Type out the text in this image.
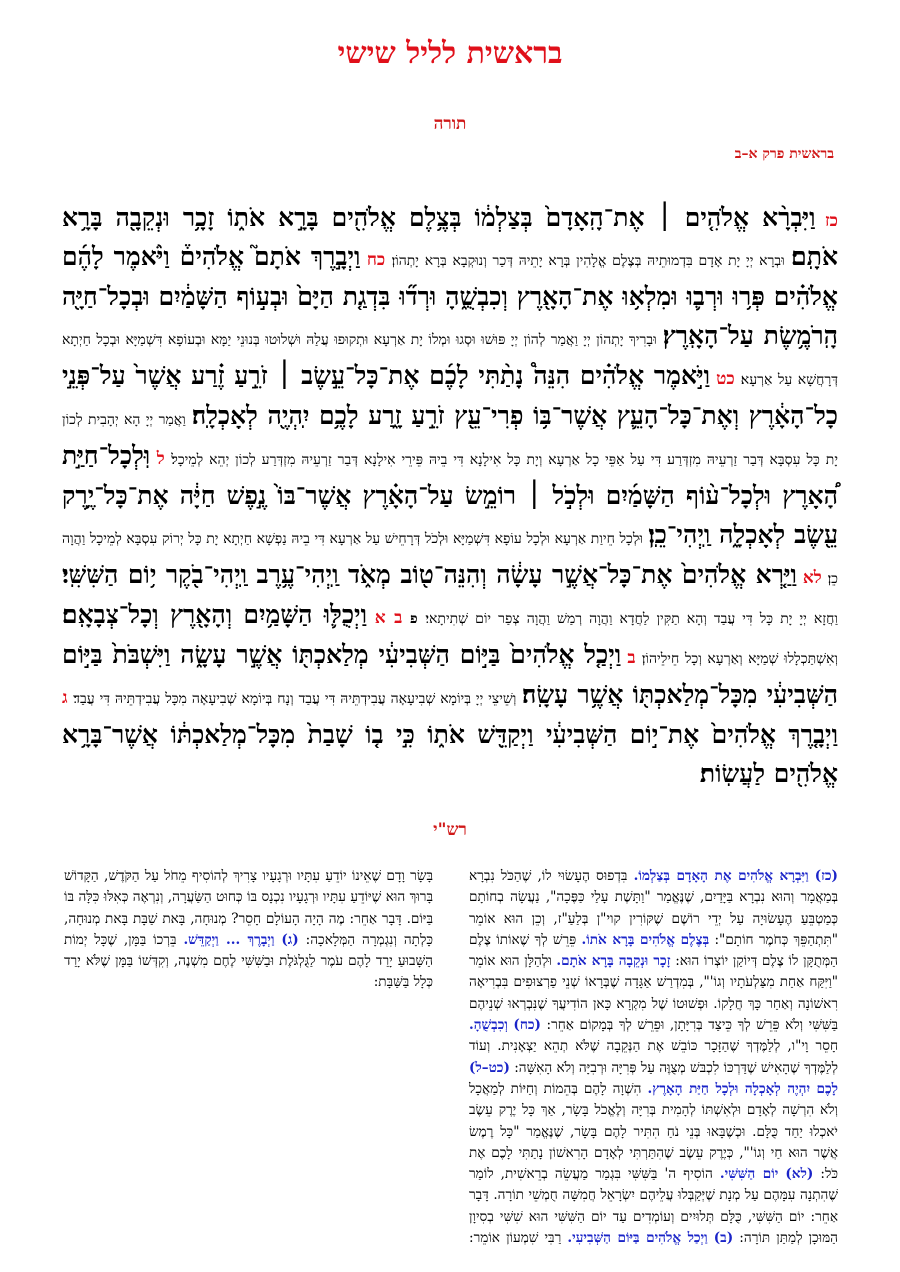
בראשית לליל שישי
תורה
בראשית פרק א–ב
כז וַיִּבְרָ֨א אֱלֹהִ֤ים ׀ אֶת־הָֽאָדָם֙ בְּצַלְמ֔וֹ בְּצֶ֥לֶם אֱלֹהִ֖ים בָּרָ֣א אֹת֑וֹ זָכָ֥ר וּנְקֵבָ֖ה בָּרָ֥א אֹתָֽם׃ וּבְרָא יְיָ יָת אָדָם בִּדְמוּתֵיהּ בְּצֶלֶם אֱלָהִין בְּרָא יָתֵיהּ דְּכַר וְנוּקְבָא בְּרָא יָתְהוֹן׃ כח וַיְבָ֣רֶךְ אֹתָם֮ אֱלֹהִים֒ וַיֹּ֨אמֶר לָהֶ֜ם אֱלֹהִ֗ים פְּר֥וּ וּרְב֛וּ וּמִלְא֥וּ אֶת־הָאָ֖רֶץ וְכִבְשֻׁ֑הָ וּרְד֞וּ בִּדְגַ֤ת הַיָּם֙ וּבְע֣וֹף הַשָּׁמַ֔יִם וּבְכָל־חַיָּ֖ה הָֽרֹמֶ֥שֶׂת עַל־הָאָֽרֶץ׃ וּבָרִיךְ יָתְהוֹן יְיָ וַאֲמַר לְהוֹן יְיָ פּוּשׁוּ וּסְגוּ וּמְלוֹ יָת אַרְעָא וּתְקוּפוּ עֲלַהּ וּשְׁלוּטוּ בְּנוּנֵי יַמָּא וּבְעוֹפָא דִּשְׁמַיָּא וּבְכָל חַיְתָא דְּרָחֲשָׁא עַל אַרְעָא׃ כט וַיֹּ֣אמֶר אֱלֹהִ֗ים הִנֵּה֩ נָתַ֨תִּי לָכֶ֜ם אֶת־כָּל־עֵ֣שֶׂב ׀ זֹרֵ֣עַ זֶ֗רַע אֲשֶׁר֙ עַל־פְּנֵ֣י כָל־הָאָ֔רֶץ וְאֶת־כָּל־הָעֵ֛ץ אֲשֶׁר־בּ֥וֹ פְרִי־עֵ֖ץ זֹרֵ֣עַ זָ֑רַע לָכֶ֥ם יִֽהְיֶ֖ה לְאָכְלָֽה׃ וַאֲמַר יְיָ הָא יְהָבִית לְכוֹן יָת כָּל עִסְבָּא דְּבַר זַרְעֵיהּ מִזְדְּרַע דִּי עַל אַפֵּי כָל אַרְעָא וְיָת כָּל אִילָנָא דִּי בֵיהּ פֵּירֵי אִילָנָא דְּבַר זַרְעֵיהּ מִזְדְּרַע לְכוֹן יְהֵא לְמֵיכָל׃ ל וּֽלְכָל־חַיַּ֣ת הָ֠אָרֶץ וּלְכָל־ע֨וֹף הַשָּׁמַ֜יִם וּלְכֹ֣ל ׀ רוֹמֵ֣שׂ עַל־הָאָ֗רֶץ אֲשֶׁר־בּוֹ֙ נֶ֣פֶשׁ חַיָּ֔ה אֶת־כָּל־יֶ֥רֶק עֵ֖שֶׂב לְאָכְלָ֑ה וַֽיְהִי־כֵֽן׃ וּלְכָל חֵיוַת אַרְעָא וּלְכָל עוֹפָא דִּשְׁמַיָּא וּלְכֹל דְּרָחֵישׁ עַל אַרְעָא דִּי בֵיהּ נַפְשָׁא חַיְתָא יָת כָּל יְרוֹק עִסְבָּא לְמֵיכָל וַהֲוָה כֵן׃ לא וַיַּ֤רְא אֱלֹהִים֙ אֶת־כָּל־אֲשֶׁ֣ר עָשָׂ֔ה וְהִנֵּה־ט֖וֹב מְאֹ֑ד וַֽיְהִי־עֶ֥רֶב וַֽיְהִי־בֹ֖קֶר י֥וֹם הַשִּׁשִּֽׁי׃ וַחֲזָא יְיָ יָת כָּל דִּי עֲבַד וְהָא תַקִּין לַחֲדָא וַהֲוָה רְמַשׁ וַהֲוָה צְפַר יוֹם שְׁתִיתָאי׃ פ ב א וַיְכֻלּ֛וּ הַשָּׁמַ֥יִם וְהָאָ֖רֶץ וְכָל־צְבָאָֽם׃ וְאִשְׁתַּכְלָלוּ שְׁמַיָּא וְאַרְעָא וְכָל חֵילֵיהוֹן׃ ב וַיְכַ֤ל אֱלֹהִים֙ בַּיּ֣וֹם הַשְּׁבִיעִ֔י מְלַאכְתּ֖וֹ אֲשֶׁ֣ר עָשָׂ֑ה וַיִּשְׁבֹּת֙ בַּיּ֣וֹם הַשְּׁבִיעִ֔י מִכָּל־מְלַאכְתּ֖וֹ אֲשֶׁ֥ר עָשָֽׂה׃ וְשֵׁיצֵי יְיָ בְּיוֹמָא שְׁבִיעָאָה עֲבִידְתֵּיהּ דִּי עֲבַד וְנָח בְּיוֹמָא שְׁבִיעָאָה מִכָּל עֲבִידְתֵּיהּ דִּי עֲבַד׃ ג וַיְבָ֤רֶךְ אֱלֹהִים֙ אֶת־י֣וֹם הַשְּׁבִיעִ֔י וַיְקַדֵּ֖שׁ אֹת֑וֹ כִּ֣י ב֤וֹ שָׁבַת֙ מִכָּל־מְלַאכְתּ֔וֹ אֲשֶׁר־בָּרָ֥א אֱלֹהִ֖ים לַעֲשֽׂוֹת׃
רש"י

(כז) וַיִּבְרָא אֱלֹהִים אֶת הָאָדָם בְּצַלְמוֹ. בִּדְפוּס הֶעָשׂוּי לוֹ, שֶׁהַכֹּל נִבְרָא בְּמַאֲמָר וְהוּא נִבְרָא בַּיָּדַיִם, שֶׁנֶּאֱמַר "וַתָּשֶׁת עָלַי כַּפֶּכָה", נַעֲשָׂה בְחוֹתָם כְּמַטְבֵּעַ הֶעָשׂוּיָה עַל יְדֵי רוֹשֶׁם שֶׁקּוֹרִין קוי"ן בְּלַעַ"ז, וְכֵן הוּא אוֹמֵר "תִּתְהַפֵּךְ כְּחֹמֶר חוֹתָם":

בְּצֶלֶם אֱלֹהִים בָּרָא אֹתוֹ. פֵּרֵשׁ לְךָ שֶׁאוֹתוֹ צֶלֶם הַמְּתֻקָּן לוֹ צֶלֶם דְּיוֹקַן יוֹצְרוֹ הוּא:

זָכָר וּנְקֵבָה בָּרָא אֹתָם. וּלְהַלָּן הוּא אוֹמֵר "וַיִּקַּח אַחַת מִצַּלְעֹתָיו וְגוֹ'", בְּמִדְרַשׁ אַגָּדָה שֶׁבְּרָאוֹ שְׁנֵי פַרְצוּפִים בִּבְרִיאָה רִאשׁוֹנָה וְאַחַר כָּךְ חֲלָקוֹ. וּפְשׁוּטוֹ שֶׁל מִקְרָא כָּאן הוֹדִיעֲךָ שֶׁנִּבְרְאוּ שְׁנֵיהֶם בַּשִּׁשִּׁי וְלֹא פֵּרֵשׁ לְךָ כֵּיצַד בְּרִיָּתָן, וּפֵרֵשׁ לְךָ בְּמָקוֹם אַחֵר:

(כח) וְכִבְשֻׁהָ. חָסֵר וָי"ו, לְלַמֶּדְךָ שֶׁהַזָּכָר כּוֹבֵשׁ אֶת הַנְּקֵבָה שֶׁלֹּא תְהֵא יַצְאָנִית. וְעוֹד לְלַמֶּדְךָ שֶׁהָאִישׁ שֶׁדַּרְכּוֹ לִכְבּשׁ מְצֻוֶּה עַל פְּרִיָּה וּרְבִיָּה וְלֹא הָאִשָּׁה:

(כט–ל) לָכֶם יִהְיֶה לְאָכְלָה וּלְכָל חַיַּת הָאָרֶץ. הִשְׁוָה לָהֶם בְּהֵמוֹת וְחַיּוֹת לְמַאֲכָל וְלֹא הִרְשָׁה לְאָדָם וּלְאִשְׁתּוֹ לְהָמִית בְּרִיָּה וְלֶאֱכֹל בָּשָׂר, אַךְ כָּל יֶרֶק עֵשֶׂב יֹאכְלוּ יַחַד כֻּלָּם. וּכְשֶׁבָּאוּ בְּנֵי נֹחַ הִתִּיר לָהֶם בָּשָׂר, שֶׁנֶּאֱמַר "כָּל רֶמֶשׂ אֲשֶׁר הוּא חַי וְגוֹ'", כְּיֶרֶק עֵשֶׂב שֶׁהִתַּרְתִּי לְאָדָם הָרִאשׁוֹן נָתַתִּי לָכֶם אֶת כֹּל:

(לא) יוֹם הַשִּׁשִּׁי. הוֹסִיף ה' בַּשִּׁשִּׁי בִּגְמַר מַעֲשֵׂה בְרֵאשִׁית, לוֹמַר שֶׁהִתְנָה עִמָּהֶם עַל מְנָת שֶׁיְּקַבְּלוּ עֲלֵיהֶם יִשְׂרָאֵל חֲמִשָּׁה חֻמְשֵׁי תוֹרָה. דָּבָר אַחֵר: יוֹם הַשִּׁשִּׁי, כֻּלָּם תְּלוּיִים וְעוֹמְדִים עַד יוֹם הַשִּׁשִּׁי הוּא שִׁשִּׁי בְסִיוָן הַמּוּכָן לְמַתַּן תּוֹרָה:

(ב) וַיְכַל אֱלֹהִים בַּיּוֹם הַשְּׁבִיעִי. רַבִּי שִׁמְעוֹן אוֹמֵר: בָּשָׂר וָדָם שֶׁאֵינוֹ יוֹדֵעַ עִתָּיו וּרְגָעָיו צָרִיךְ לְהוֹסִיף מֵחֹל עַל הַקֹּדֶשׁ, הַקָּדוֹשׁ בָּרוּךְ הוּא שֶׁיּוֹדֵעַ עִתָּיו וּרְגָעָיו נִכְנָס בּוֹ כְּחוּט הַשַּׂעֲרָה, וְנִרְאֶה כְּאִלּוּ כִּלָּה בּוֹ בַּיּוֹם. דָּבָר אַחֵר: מֶה הָיָה הָעוֹלָם חָסֵר? מְנוּחָה, בָּאת שַׁבָּת בָּאת מְנוּחָה, כָּלְתָה וְנִגְמְרָה הַמְּלָאכָה:

(ג) וַיְבָרֶךְ ... וַיְקַדֵּשׁ. בֵּרְכוֹ בַּמָּן, שֶׁכָּל יְמוֹת הַשָּׁבוּעַ יָרַד לָהֶם עֹמֶר לַגֻּלְגֹּלֶת וּבַשִּׁשִּׁי לֶחֶם מִשְׁנֶה, וְקִדְּשׁוֹ בַּמָּן שֶׁלֹּא יָרַד כְּלָל בַּשַּׁבָּת:
